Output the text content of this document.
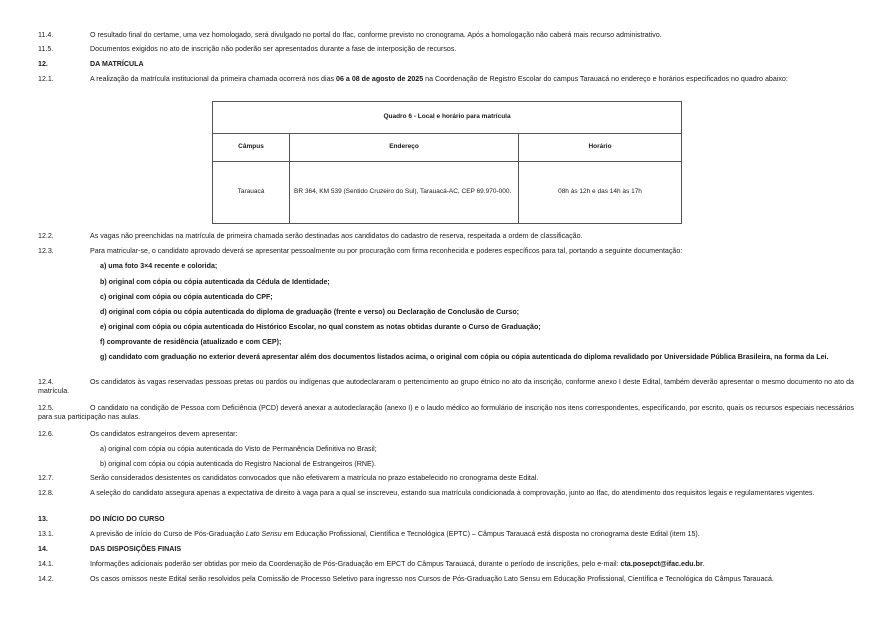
11.4.	O resultado final do certame, uma vez homologado, será divulgado no portal do Ifac, conforme previsto no cronograma. Após a homologação não caberá mais recurso administrativo.
11.5.	Documentos exigidos no ato de inscrição não poderão ser apresentados durante a fase de interposição de recursos.
12.	DA MATRÍCULA
12.1.	A realização da matrícula institucional da primeira chamada ocorrerá nos dias 06 a 08 de agosto de 2025 na Coordenação de Registro Escolar do campus Tarauacá no endereço e horários especificados no quadro abaixo:
Quadro 6 - Local e horário para matrícula		
Câmpus	Endereço	Horário
Tarauacá	BR 364, KM 539 (Sentido Cruzeiro do Sul), Tarauacá-AC, CEP 69.970-000.	08h às 12h e das 14h às 17h
12.2.	As vagas não preenchidas na matrícula de primeira chamada serão destinadas aos candidatos do cadastro de reserva, respeitada a ordem de classificação.
12.3.	Para matricular-se, o candidato aprovado deverá se apresentar pessoalmente ou por procuração com firma reconhecida e poderes específicos para tal, portando a seguinte documentação:
a) uma foto 3×4 recente e colorida;
b) original com cópia ou cópia autenticada da Cédula de Identidade;
c) original com cópia ou cópia autenticada do CPF;
d) original com cópia ou cópia autenticada do diploma de graduação (frente e verso) ou Declaração de Conclusão de Curso;
e) original com cópia ou cópia autenticada do Histórico Escolar, no qual constem as notas obtidas durante o Curso de Graduação;
f) comprovante de residência (atualizado e com CEP);
g) candidato com graduação no exterior deverá apresentar além dos documentos listados acima, o original com cópia ou cópia autenticada do diploma revalidado por Universidade Pública Brasileira, na forma da Lei.
12.4.	Os candidatos às vagas reservadas pessoas pretas ou pardos ou indígenas que autodeclararam o pertencimento ao grupo étnico no ato da inscrição, conforme anexo I deste Edital, também deverão apresentar o mesmo documento no ato da matrícula.
12.5.	O candidato na condição de Pessoa com Deficiência (PCD) deverá anexar a autodeclaração (anexo I) e o laudo médico ao formulário de inscrição nos itens correspondentes, especificando, por escrito, quais os recursos especiais necessários para sua participação nas aulas.
12.6.	Os candidatos estrangeiros devem apresentar:
a) original com cópia ou cópia autenticada do Visto de Permanência Definitiva no Brasil;
b) original com cópia ou cópia autenticada do Registro Nacional de Estrangeiros (RNE).
12.7.	Serão considerados desistentes os candidatos convocados que não efetivarem a matrícula no prazo estabelecido no cronograma deste Edital.
12.8.	A seleção do candidato assegura apenas a expectativa de direito à vaga para a qual se inscreveu, estando sua matrícula condicionada à comprovação, junto ao Ifac, do atendimento dos requisitos legais e regulamentares vigentes.
13.	DO INÍCIO DO CURSO
13.1.	A previsão de início do Curso de Pós-Graduação Lato Sensu em Educação Profissional, Científica e Tecnológica (EPTC) – Câmpus Tarauacá está disposta no cronograma deste Edital (item 15).
14.	DAS DISPOSIÇÕES FINAIS
14.1.	Informações adicionais poderão ser obtidas por meio da Coordenação de Pós-Graduação em EPCT do Câmpus Tarauacá, durante o período de inscrições, pelo e-mail: cta.posepct@ifac.edu.br.
14.2.	Os casos omissos neste Edital serão resolvidos pela Comissão de Processo Seletivo para ingresso nos Cursos de Pós-Graduação Lato Sensu em Educação Profissional, Científica e Tecnológica do Câmpus Tarauacá.
